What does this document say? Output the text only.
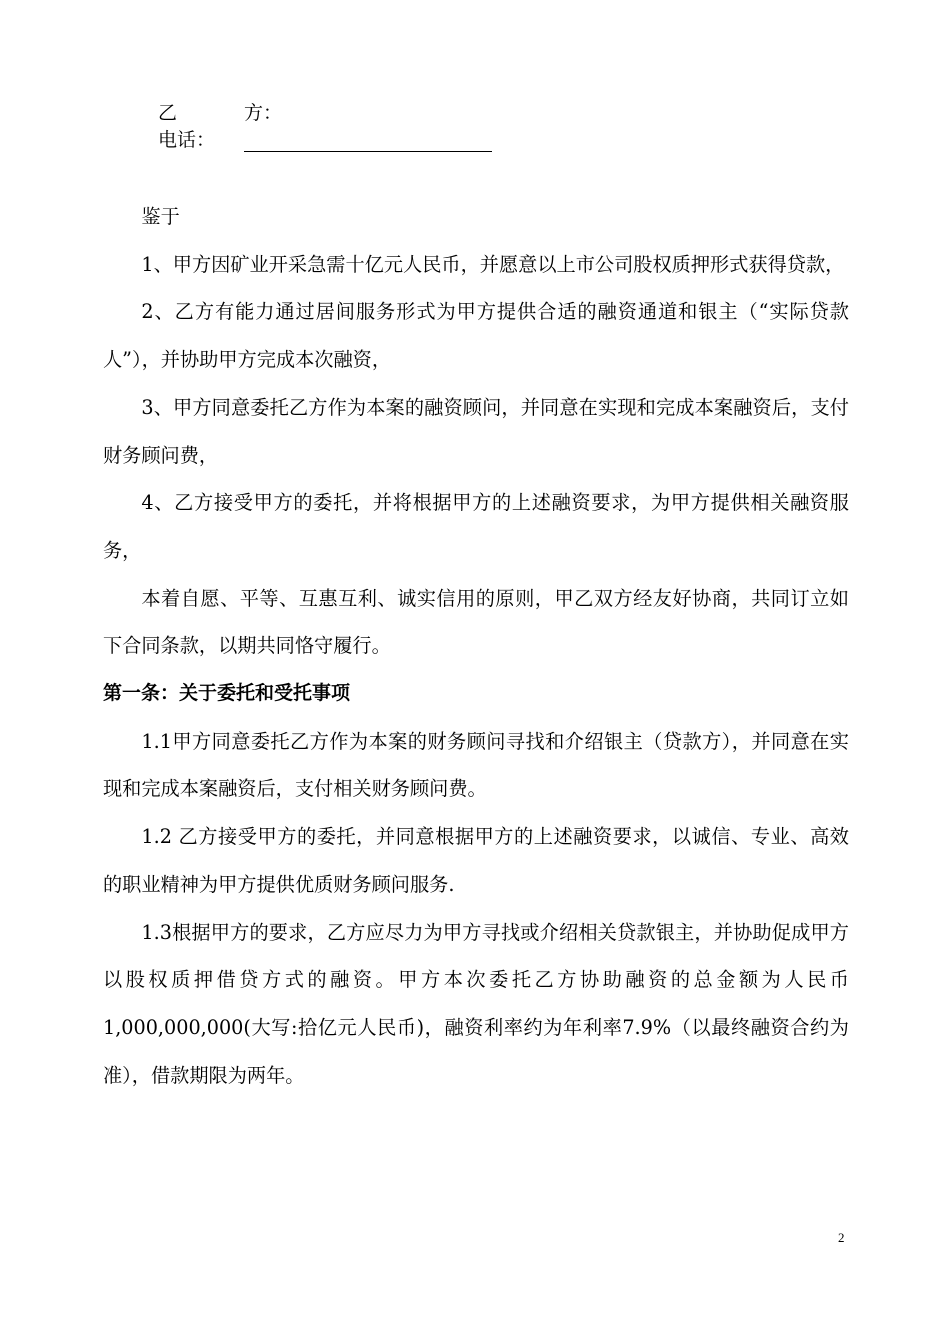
乙	方：
电话：

鉴于

1、甲方因矿业开采急需十亿元人民币，并愿意以上市公司股权质押形式获得贷款，

2、乙方有能力通过居间服务形式为甲方提供合适的融资通道和银主（“实际贷款人”），并协助甲方完成本次融资，

3、甲方同意委托乙方作为本案的融资顾问，并同意在实现和完成本案融资后，支付财务顾问费，

4、乙方接受甲方的委托，并将根据甲方的上述融资要求，为甲方提供相关融资服务，

本着自愿、平等、互惠互利、诚实信用的原则，甲乙双方经友好协商，共同订立如下合同条款，以期共同恪守履行。

第一条：关于委托和受托事项

1.1甲方同意委托乙方作为本案的财务顾问寻找和介绍银主（贷款方），并同意在实现和完成本案融资后，支付相关财务顾问费。

1.2 乙方接受甲方的委托，并同意根据甲方的上述融资要求，以诚信、专业、高效的职业精神为甲方提供优质财务顾问服务.

1.3根据甲方的要求，乙方应尽力为甲方寻找或介绍相关贷款银主，并协助促成甲方以股权质押借贷方式的融资。甲方本次委托乙方协助融资的总金额为人民币1,000,000,000(大写:拾亿元人民币)，融资利率约为年利率7.9%（以最终融资合约为准），借款期限为两年。

2
